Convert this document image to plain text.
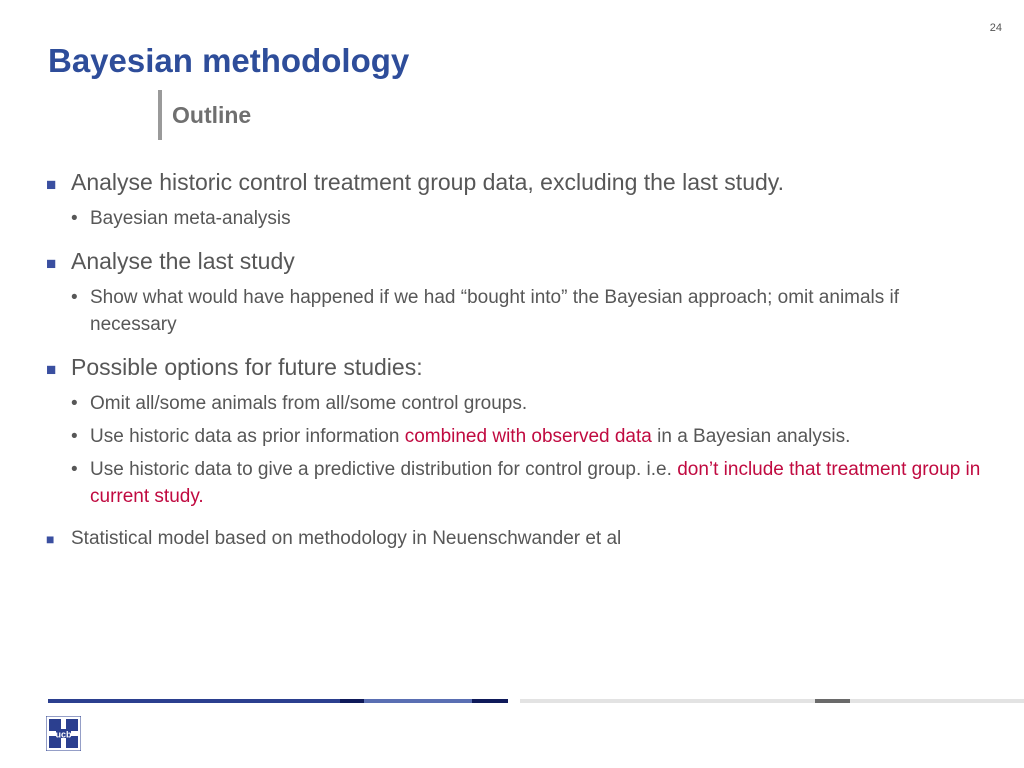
24
Bayesian methodology
Outline
■ Analyse historic control treatment group data, excluding the last study.
• Bayesian meta-analysis
■ Analyse the last study
• Show what would have happened if we had “bought into” the Bayesian approach; omit animals if necessary
■ Possible options for future studies:
• Omit all/some animals from all/some control groups.
• Use historic data as prior information combined with observed data in a Bayesian analysis.
• Use historic data to give a predictive distribution for control group. i.e. don’t include that treatment group in current study.
■ Statistical model based on methodology in Neuenschwander et al
ucb
